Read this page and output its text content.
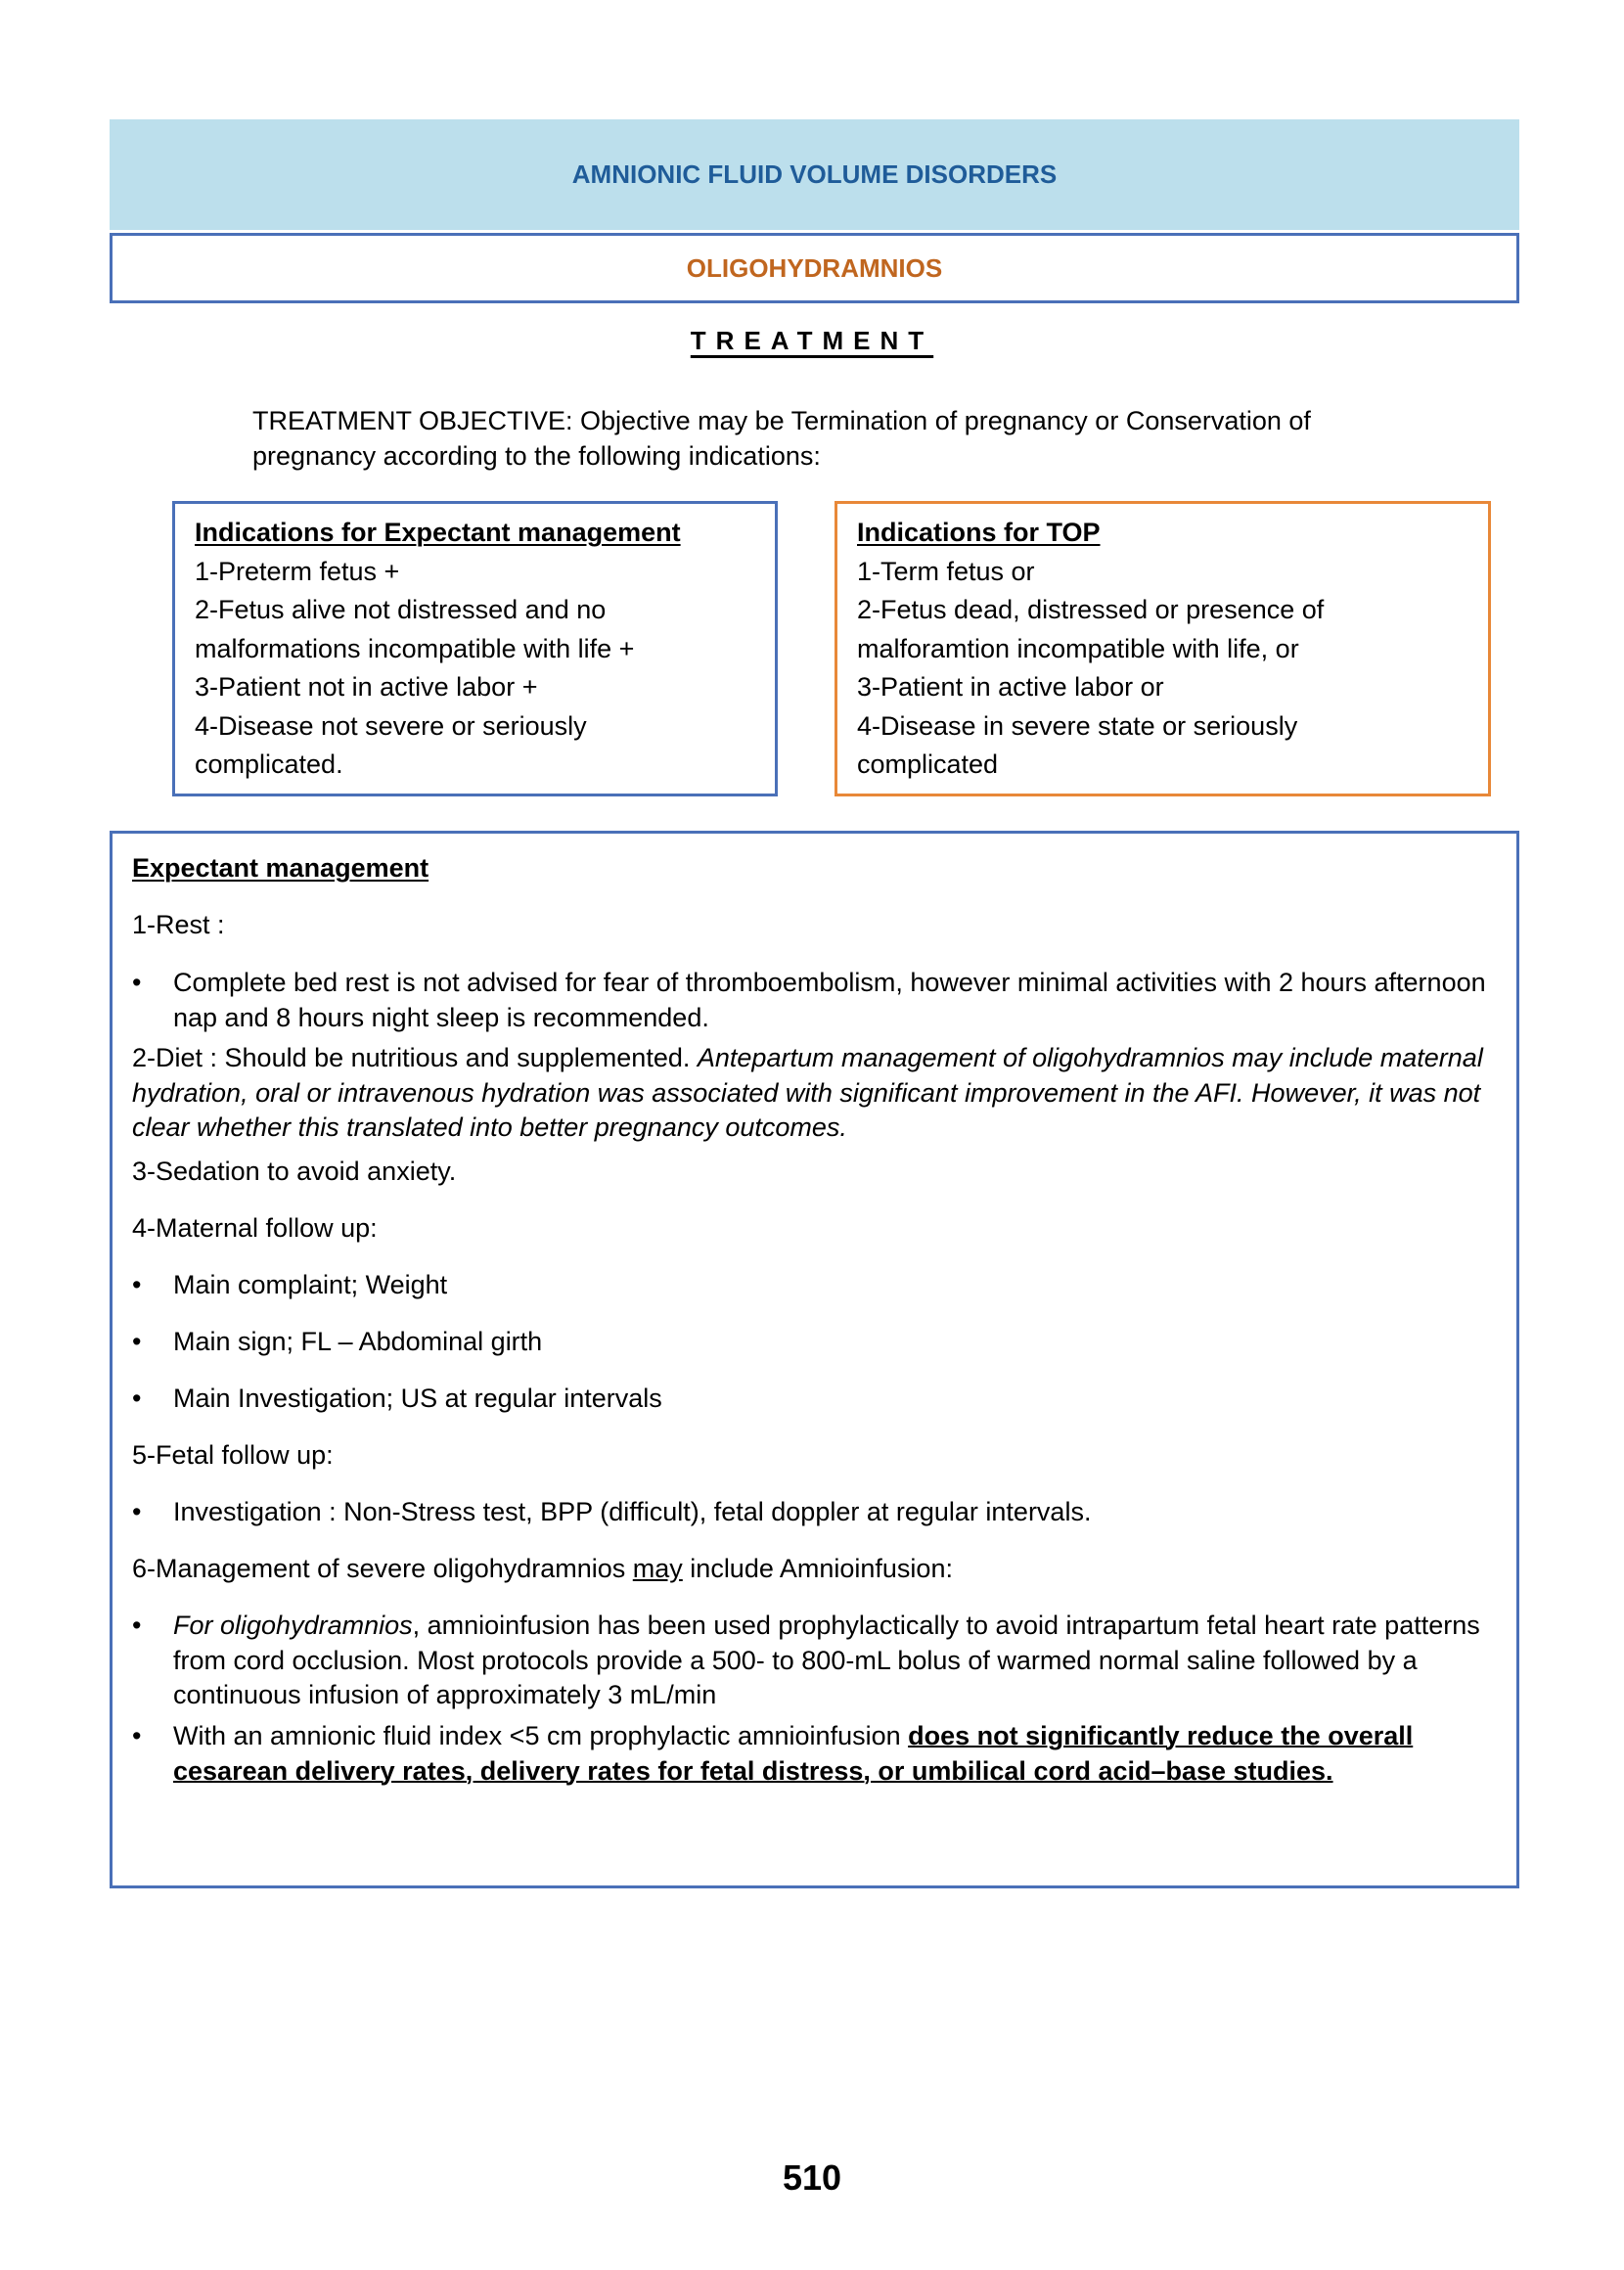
AMNIONIC FLUID VOLUME DISORDERS
OLIGOHYDRAMNIOS
TREATMENT
TREATMENT OBJECTIVE: Objective may be Termination of pregnancy or Conservation of pregnancy according to the following indications:
Indications for Expectant management
1-Preterm fetus +
2-Fetus alive not distressed and no
malformations incompatible with life +
3-Patient not in active labor +
4-Disease not severe or seriously
complicated.
Indications for TOP
1-Term fetus or
2-Fetus dead, distressed or presence of
malforamtion incompatible with life, or
3-Patient in active labor or
4-Disease in severe state or seriously
complicated
Expectant management
1-Rest :
• Complete bed rest is not advised for fear of thromboembolism, however minimal activities with 2 hours afternoon nap and 8 hours night sleep is recommended.
2-Diet : Should be nutritious and supplemented. Antepartum management of oligohydramnios may include maternal hydration, oral or intravenous hydration was associated with significant improvement in the AFI. However, it was not clear whether this translated into better pregnancy outcomes.
3-Sedation to avoid anxiety.
4-Maternal follow up:
• Main complaint; Weight
• Main sign; FL – Abdominal girth
• Main Investigation; US at regular intervals
5-Fetal follow up:
• Investigation : Non-Stress test, BPP (difficult), fetal doppler at regular intervals.
6-Management of severe oligohydramnios may include Amnioinfusion:
• For oligohydramnios, amnioinfusion has been used prophylactically to avoid intrapartum fetal heart rate patterns from cord occlusion. Most protocols provide a 500- to 800-mL bolus of warmed normal saline followed by a continuous infusion of approximately 3 mL/min
• With an amnionic fluid index <5 cm prophylactic amnioinfusion does not significantly reduce the overall cesarean delivery rates, delivery rates for fetal distress, or umbilical cord acid–base studies.
510
